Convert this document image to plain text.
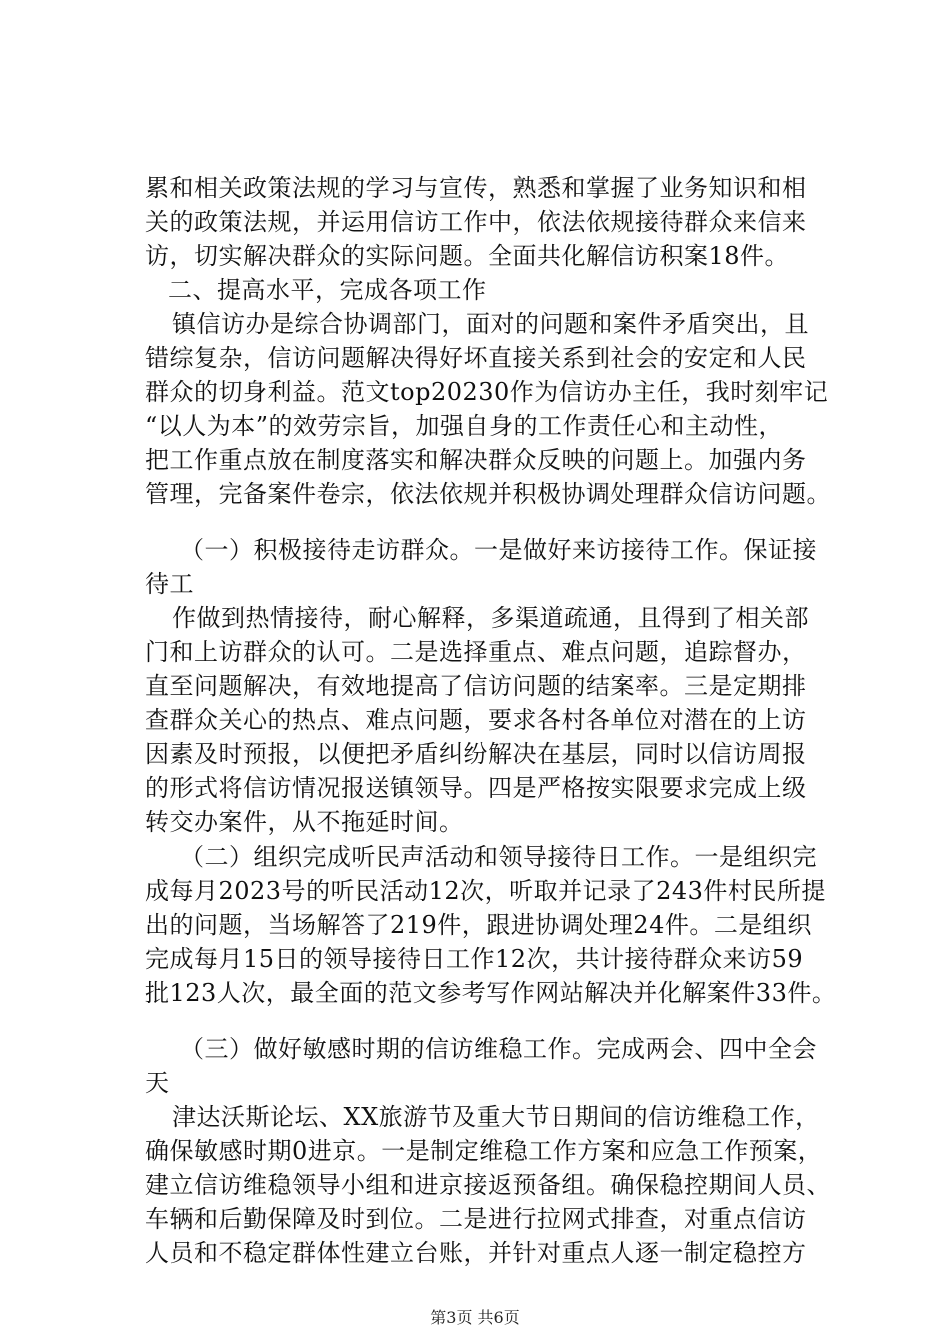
累和相关政策法规的学习与宣传，熟悉和掌握了业务知识和相
关的政策法规，并运用信访工作中，依法依规接待群众来信来
访，切实解决群众的实际问题。全面共化解信访积案18件。
二、提高水平，完成各项工作
镇信访办是综合协调部门，面对的问题和案件矛盾突出，且
错综复杂，信访问题解决得好坏直接关系到社会的安定和人民
群众的切身利益。范文top20230作为信访办主任，我时刻牢记
“以人为本”的效劳宗旨，加强自身的工作责任心和主动性，
把工作重点放在制度落实和解决群众反映的问题上。加强内务
管理，完备案件卷宗，依法依规并积极协调处理群众信访问题。
（一）积极接待走访群众。一是做好来访接待工作。保证接
待工
作做到热情接待，耐心解释，多渠道疏通，且得到了相关部
门和上访群众的认可。二是选择重点、难点问题，追踪督办，
直至问题解决，有效地提高了信访问题的结案率。三是定期排
查群众关心的热点、难点问题，要求各村各单位对潜在的上访
因素及时预报，以便把矛盾纠纷解决在基层，同时以信访周报
的形式将信访情况报送镇领导。四是严格按实限要求完成上级
转交办案件，从不拖延时间。
（二）组织完成听民声活动和领导接待日工作。一是组织完
成每月2023号的听民活动12次，听取并记录了243件村民所提
出的问题，当场解答了219件，跟进协调处理24件。二是组织
完成每月15日的领导接待日工作12次，共计接待群众来访59
批123人次，最全面的范文参考写作网站解决并化解案件33件。
（三）做好敏感时期的信访维稳工作。完成两会、四中全会
天
津达沃斯论坛、XX旅游节及重大节日期间的信访维稳工作，
确保敏感时期0进京。一是制定维稳工作方案和应急工作预案，
建立信访维稳领导小组和进京接返预备组。确保稳控期间人员、
车辆和后勤保障及时到位。二是进行拉网式排查，对重点信访
人员和不稳定群体性建立台账，并针对重点人逐一制定稳控方
第3页 共6页
